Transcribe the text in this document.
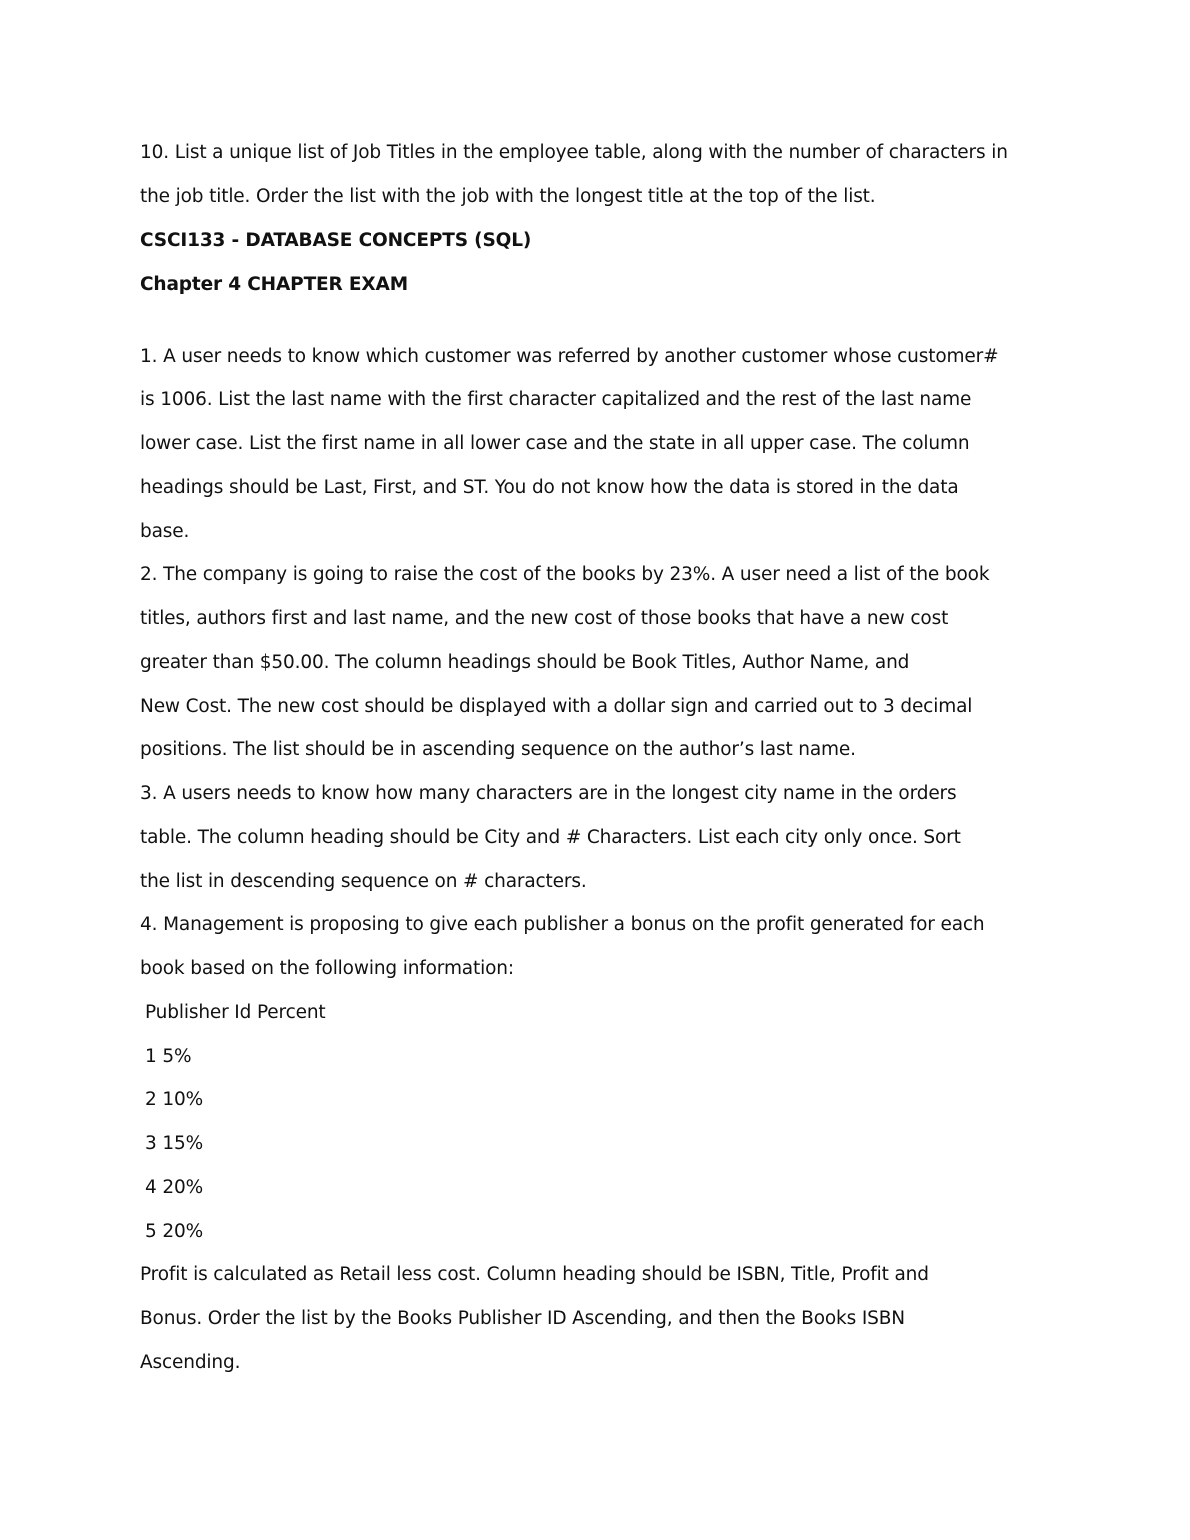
10. List a unique list of Job Titles in the employee table, along with the number of characters in
the job title. Order the list with the job with the longest title at the top of the list.
CSCI133 - DATABASE CONCEPTS (SQL)
Chapter 4 CHAPTER EXAM
1. A user needs to know which customer was referred by another customer whose customer#
is 1006. List the last name with the first character capitalized and the rest of the last name
lower case. List the first name in all lower case and the state in all upper case. The column
headings should be Last, First, and ST. You do not know how the data is stored in the data
base.
2. The company is going to raise the cost of the books by 23%. A user need a list of the book
titles, authors first and last name, and the new cost of those books that have a new cost
greater than $50.00. The column headings should be Book Titles, Author Name, and
New Cost. The new cost should be displayed with a dollar sign and carried out to 3 decimal
positions. The list should be in ascending sequence on the author’s last name.
3. A users needs to know how many characters are in the longest city name in the orders
table. The column heading should be City and # Characters. List each city only once. Sort
the list in descending sequence on # characters.
4. Management is proposing to give each publisher a bonus on the profit generated for each
book based on the following information:
Publisher Id Percent
1 5%
2 10%
3 15%
4 20%
5 20%
Profit is calculated as Retail less cost. Column heading should be ISBN, Title, Profit and
Bonus. Order the list by the Books Publisher ID Ascending, and then the Books ISBN
Ascending.
